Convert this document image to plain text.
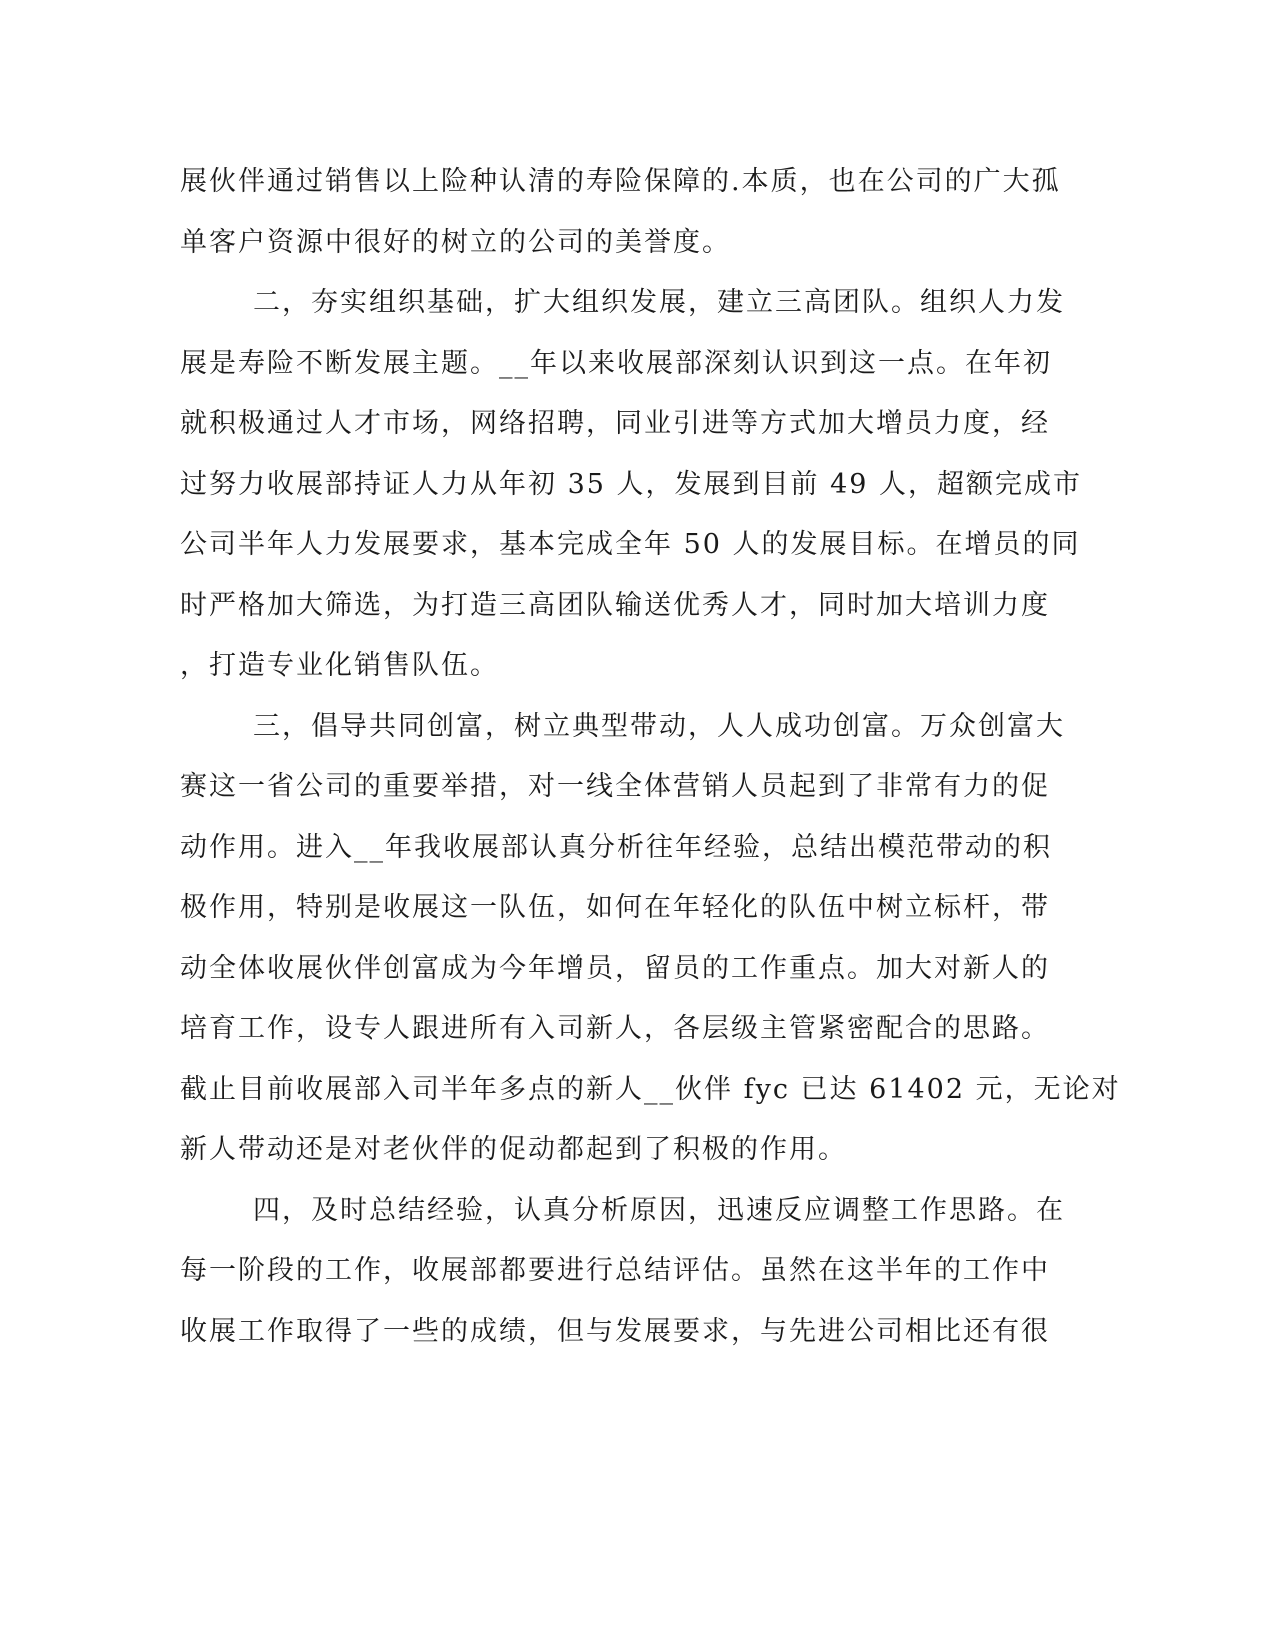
展伙伴通过销售以上险种认清的寿险保障的.本质，也在公司的广大孤
单客户资源中很好的树立的公司的美誉度。
二，夯实组织基础，扩大组织发展，建立三高团队。组织人力发
展是寿险不断发展主题。__年以来收展部深刻认识到这一点。在年初
就积极通过人才市场，网络招聘，同业引进等方式加大增员力度，经
过努力收展部持证人力从年初 35 人，发展到目前 49 人，超额完成市
公司半年人力发展要求，基本完成全年 50 人的发展目标。在增员的同
时严格加大筛选，为打造三高团队输送优秀人才，同时加大培训力度
，打造专业化销售队伍。
三，倡导共同创富，树立典型带动，人人成功创富。万众创富大
赛这一省公司的重要举措，对一线全体营销人员起到了非常有力的促
动作用。进入__年我收展部认真分析往年经验，总结出模范带动的积
极作用，特别是收展这一队伍，如何在年轻化的队伍中树立标杆，带
动全体收展伙伴创富成为今年增员，留员的工作重点。加大对新人的
培育工作，设专人跟进所有入司新人，各层级主管紧密配合的思路。
截止目前收展部入司半年多点的新人__伙伴 fyc 已达 61402 元，无论对
新人带动还是对老伙伴的促动都起到了积极的作用。
四，及时总结经验，认真分析原因，迅速反应调整工作思路。在
每一阶段的工作，收展部都要进行总结评估。虽然在这半年的工作中
收展工作取得了一些的成绩，但与发展要求，与先进公司相比还有很
